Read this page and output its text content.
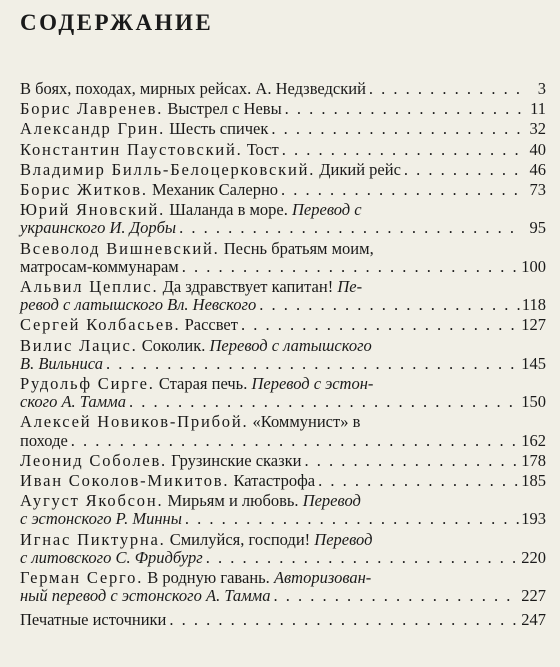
СОДЕРЖАНИЕ
В боях, походах, мирных рейсах. А. Недзведский . . .	3
Борис Лавренев. Выстрел с Невы . . .	11
Александр Грин. Шесть спичек . . .	32
Константин Паустовский. Тост . . .	40
Владимир Билль-Белоцерковский. Дикий рейс . . .	46
Борис Житков. Механик Салерно . . .	73
Юрий Яновский. Шаланда в море. Перевод с
украинского И. Дорбы . . .	95
Всеволод Вишневский. Песнь братьям моим,
матросам-коммунарам . . .	100
Альвил Цеплис. Да здравствует капитан! Пе-
ревод с латышского Вл. Невского . . .	118
Сергей Колбасьев. Рассвет . . .	127
Вилис Лацис. Соколик. Перевод с латышского
В. Вильниса . . .	145
Рудольф Сирге. Старая печь. Перевод с эстон-
ского А. Тамма . . .	150
Алексей Новиков-Прибой. «Коммунист» в
походе . . .	162
Леонид Соболев. Грузинские сказки . . .	178
Иван Соколов-Микитов. Катастрофа . . .	185
Аугуст Якобсон. Мирьям и любовь. Перевод
с эстонского Р. Минны . . .	193
Игнас Пиктурна. Смилуйся, господи! Перевод
с литовского С. Фридбург . . .	220
Герман Серго. В родную гавань. Авторизован-
ный перевод с эстонского А. Тамма . . .	227
Печатные источники . . .	247
